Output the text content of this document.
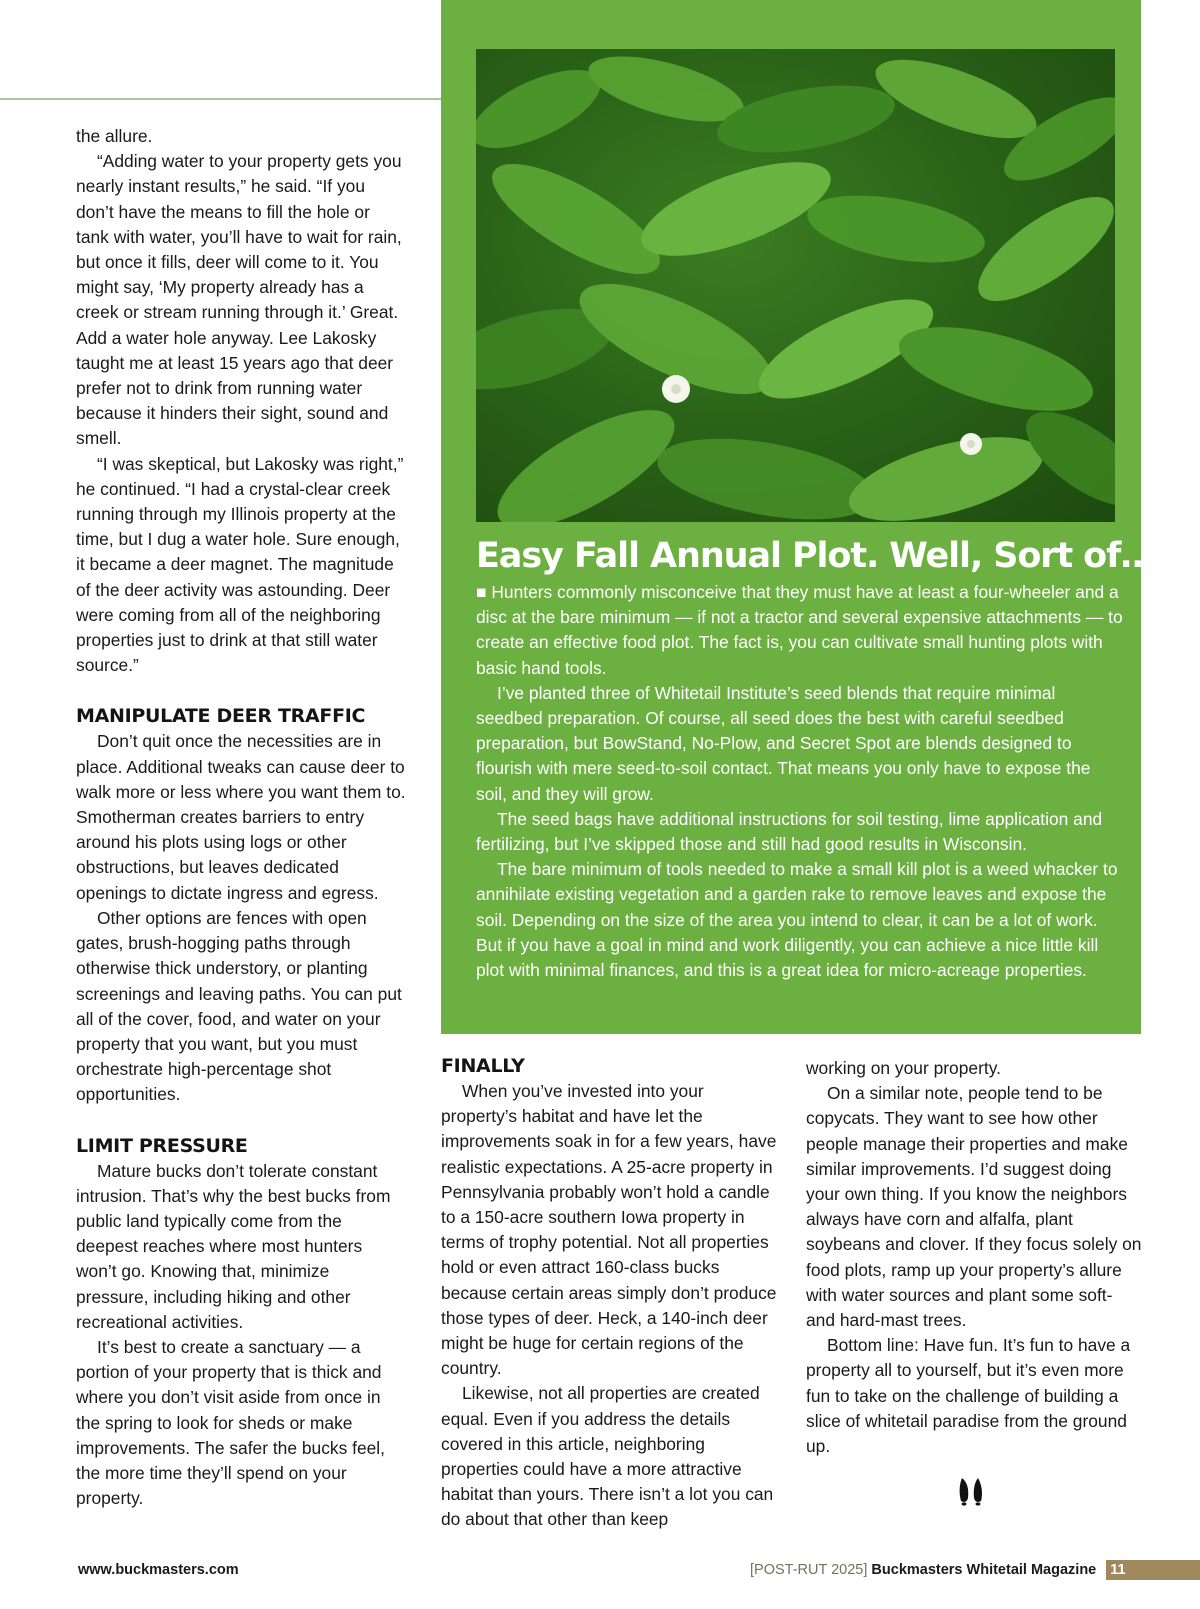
the allure.

“Adding water to your property gets you nearly instant results,” he said. “If you don’t have the means to fill the hole or tank with water, you’ll have to wait for rain, but once it fills, deer will come to it. You might say, ‘My property already has a creek or stream running through it.’ Great. Add a water hole anyway. Lee Lakosky taught me at least 15 years ago that deer prefer not to drink from running water because it hinders their sight, sound and smell.

“I was skeptical, but Lakosky was right,” he continued. “I had a crystal-clear creek running through my Illinois property at the time, but I dug a water hole. Sure enough, it became a deer magnet. The magnitude of the deer activity was astounding. Deer were coming from all of the neighboring properties just to drink at that still water source.”

MANIPULATE DEER TRAFFIC

Don’t quit once the necessities are in place. Additional tweaks can cause deer to walk more or less where you want them to. Smotherman creates barriers to entry around his plots using logs or other obstructions, but leaves dedicated openings to dictate ingress and egress.

Other options are fences with open gates, brush-hogging paths through otherwise thick understory, or planting screenings and leaving paths. You can put all of the cover, food, and water on your property that you want, but you must orchestrate high-percentage shot opportunities.

LIMIT PRESSURE

Mature bucks don’t tolerate constant intrusion. That’s why the best bucks from public land typically come from the deepest reaches where most hunters won’t go. Knowing that, minimize pressure, including hiking and other recreational activities.

It’s best to create a sanctuary — a portion of your property that is thick and where you don’t visit aside from once in the spring to look for sheds or make improvements. The safer the bucks feel, the more time they’ll spend on your property.

Easy Fall Annual Plot. Well, Sort of…

■ Hunters commonly misconceive that they must have at least a four-wheeler and a disc at the bare minimum — if not a tractor and several expensive attachments — to create an effective food plot. The fact is, you can cultivate small hunting plots with basic hand tools.

I’ve planted three of Whitetail Institute’s seed blends that require minimal seedbed preparation. Of course, all seed does the best with careful seedbed preparation, but BowStand, No-Plow, and Secret Spot are blends designed to flourish with mere seed-to-soil contact. That means you only have to expose the soil, and they will grow.

The seed bags have additional instructions for soil testing, lime application and fertilizing, but I’ve skipped those and still had good results in Wisconsin.

The bare minimum of tools needed to make a small kill plot is a weed whacker to annihilate existing vegetation and a garden rake to remove leaves and expose the soil. Depending on the size of the area you intend to clear, it can be a lot of work. But if you have a goal in mind and work diligently, you can achieve a nice little kill plot with minimal finances, and this is a great idea for micro-acreage properties.

FINALLY

When you’ve invested into your property’s habitat and have let the improvements soak in for a few years, have realistic expectations. A 25-acre property in Pennsylvania probably won’t hold a candle to a 150-acre southern Iowa property in terms of trophy potential. Not all properties hold or even attract 160-class bucks because certain areas simply don’t produce those types of deer. Heck, a 140-inch deer might be huge for certain regions of the country.

Likewise, not all properties are created equal. Even if you address the details covered in this article, neighboring properties could have a more attractive habitat than yours. There isn’t a lot you can do about that other than keep

working on your property.

On a similar note, people tend to be copycats. They want to see how other people manage their properties and make similar improvements. I’d suggest doing your own thing. If you know the neighbors always have corn and alfalfa, plant soybeans and clover. If they focus solely on food plots, ramp up your property’s allure with water sources and plant some soft- and hard-mast trees.

Bottom line: Have fun. It’s fun to have a property all to yourself, but it’s even more fun to take on the challenge of building a slice of whitetail paradise from the ground up.

www.buckmasters.com	[POST-RUT 2025] Buckmasters Whitetail Magazine 11
